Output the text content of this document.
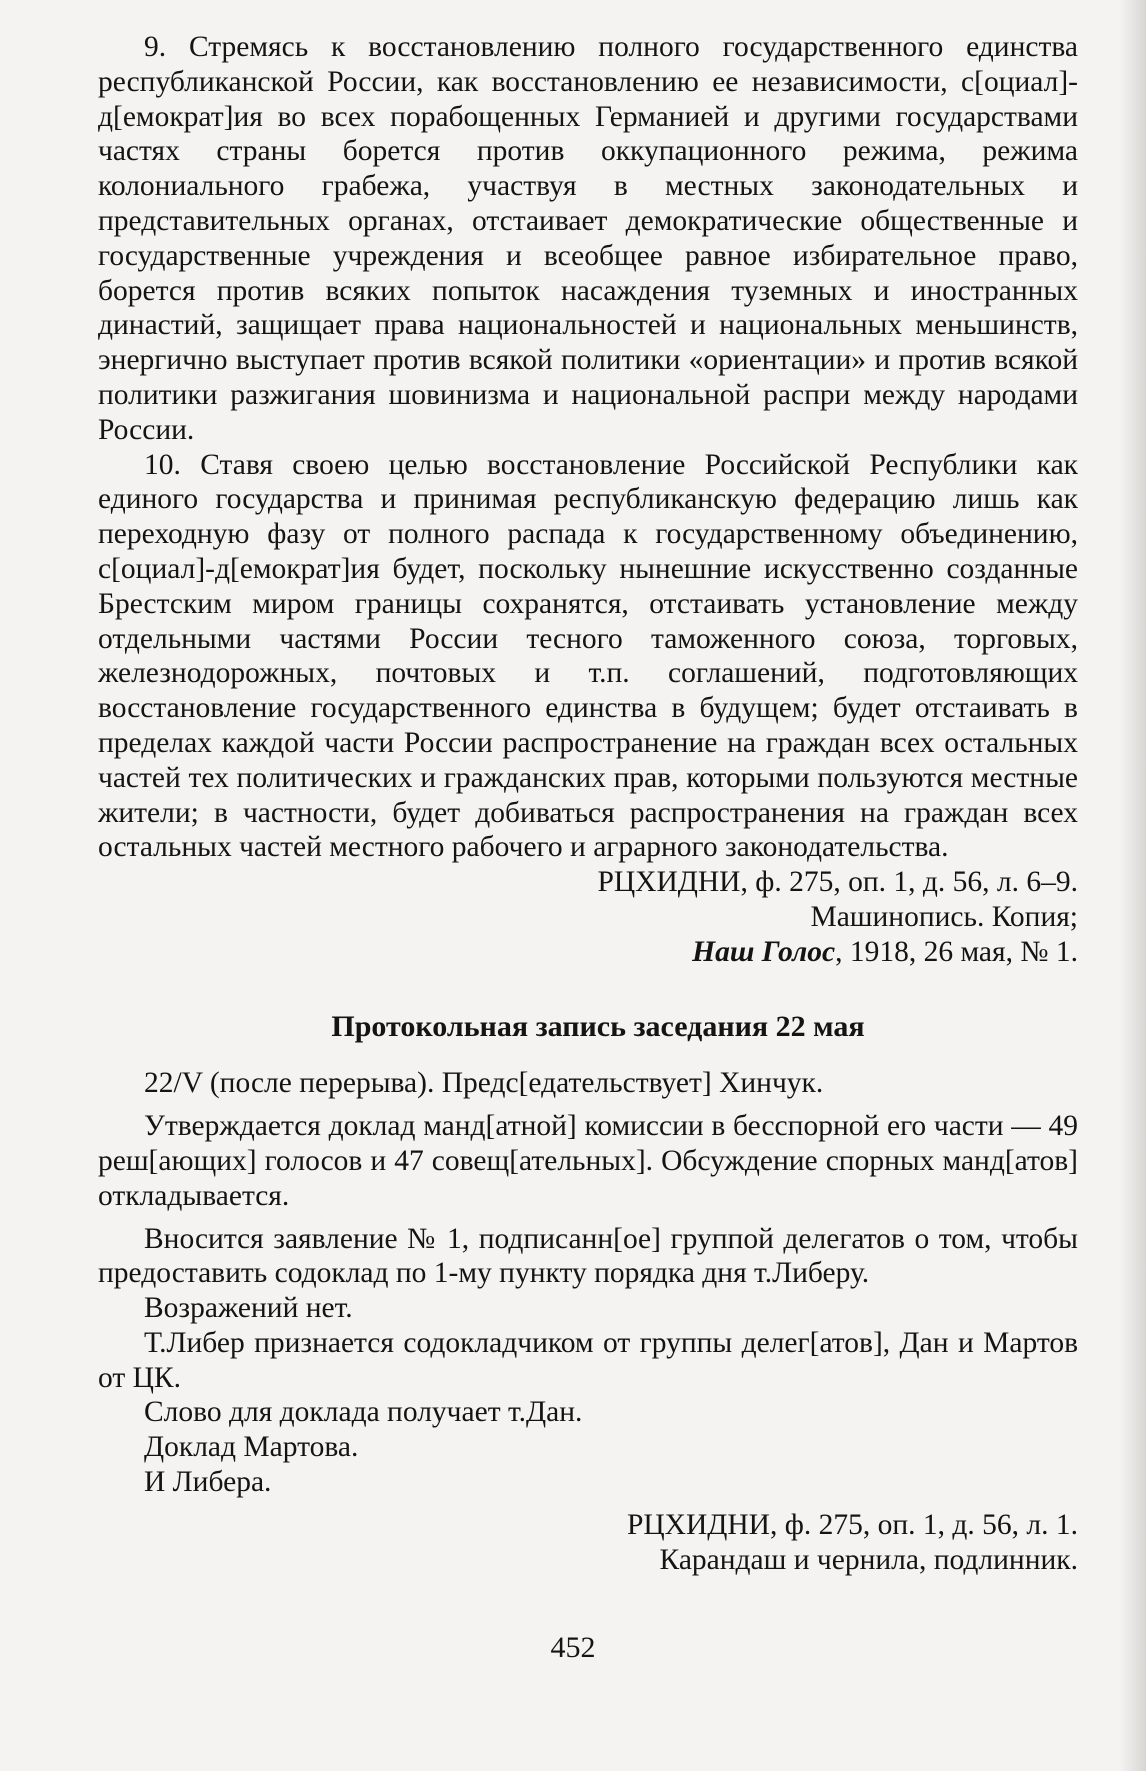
9. Стремясь к восстановлению полного государственного единства республиканской России, как восстановлению ее независимости, с[оциал]-д[емократ]ия во всех порабощенных Германией и другими государствами частях страны борется против оккупационного режима, режима колониального грабежа, участвуя в местных законодательных и представительных органах, отстаивает демократические общественные и государственные учреждения и всеобщее равное избирательное право, борется против всяких попыток насаждения туземных и иностранных династий, защищает права национальностей и национальных меньшинств, энергично выступает против всякой политики «ориентации» и против всякой политики разжигания шовинизма и национальной распри между народами России.

10. Ставя своею целью восстановление Российской Республики как единого государства и принимая республиканскую федерацию лишь как переходную фазу от полного распада к государственному объединению, с[оциал]-д[емократ]ия будет, поскольку нынешние искусственно созданные Брестским миром границы сохранятся, отстаивать установление между отдельными частями России тесного таможенного союза, торговых, железнодорожных, почтовых и т.п. соглашений, подготовляющих восстановление государственного единства в будущем; будет отстаивать в пределах каждой части России распространение на граждан всех остальных частей тех политических и гражданских прав, которыми пользуются местные жители; в частности, будет добиваться распространения на граждан всех остальных частей местного рабочего и аграрного законодательства.

РЦХИДНИ, ф. 275, оп. 1, д. 56, л. 6–9.
Машинопись. Копия;
Наш Голос, 1918, 26 мая, № 1.
Протокольная запись заседания 22 мая

22/V (после перерыва). Предс[едательствует] Хинчук.

Утверждается доклад манд[атной] комиссии в бесспорной его части — 49 реш[ающих] голосов и 47 совещ[ательных]. Обсуждение спорных манд[атов] откладывается.

Вносится заявление № 1, подписанн[ое] группой делегатов о том, чтобы предоставить содоклад по 1-му пункту порядка дня т.Либеру.

Возражений нет.

Т.Либер признается содокладчиком от группы делег[атов], Дан и Мартов от ЦК.

Слово для доклада получает т.Дан.

Доклад Мартова.

И Либера.

РЦХИДНИ, ф. 275, оп. 1, д. 56, л. 1.
Карандаш и чернила, подлинник.
452
